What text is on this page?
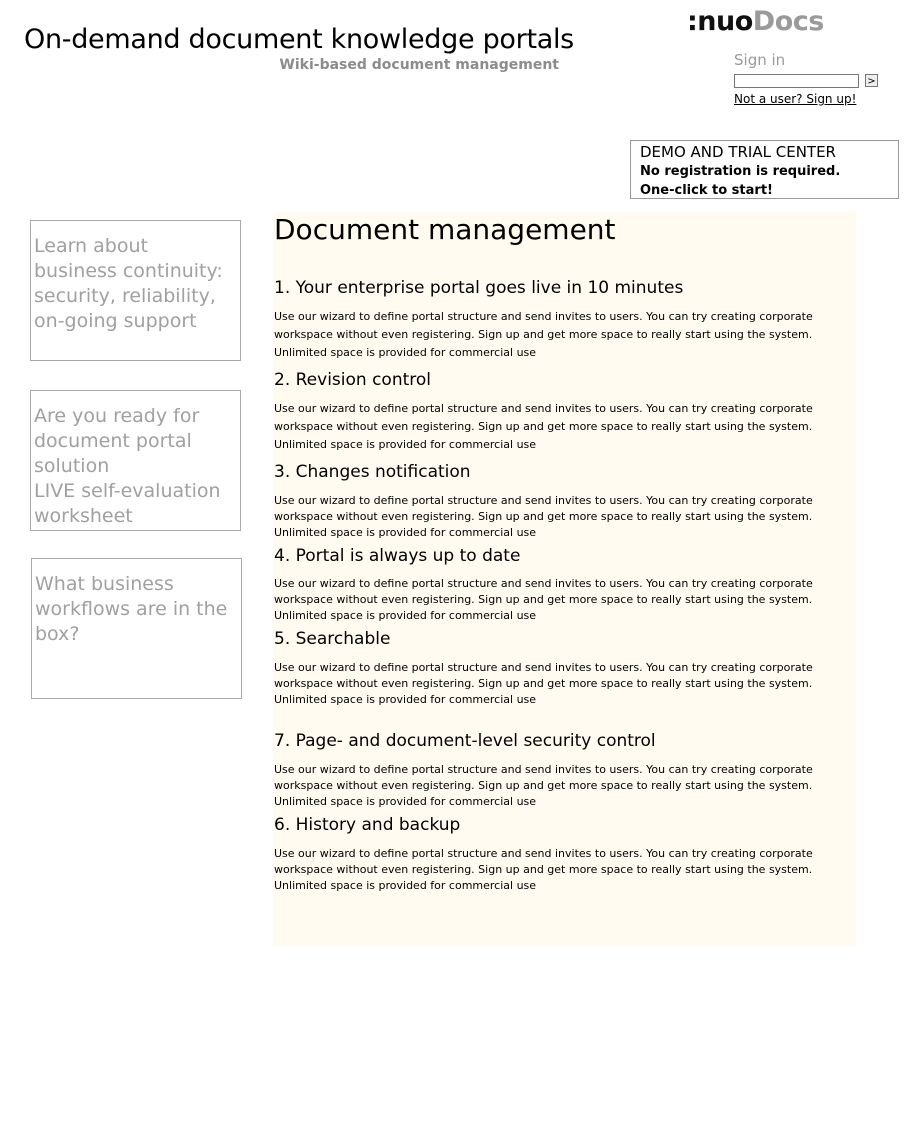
On-demand document knowledge portals
Wiki-based document management
:nuoDocs
Sign in
>
Not a user? Sign up!
DEMO AND TRIAL CENTER
No registration is required.
One-click to start!
Learn about
business continuity:
security, reliability,
on-going support
Are you ready for
document portal
solution
LIVE self-evaluation
worksheet
What business
workflows are in the
box?
Document management
1. Your enterprise portal goes live in 10 minutes

Use our wizard to define portal structure and send invites to users. You can try creating corporate workspace without even registering. Sign up and get more space to really start using the system. Unlimited space is provided for commercial use

2. Revision control

Use our wizard to define portal structure and send invites to users. You can try creating corporate workspace without even registering. Sign up and get more space to really start using the system. Unlimited space is provided for commercial use

3. Changes notification

Use our wizard to define portal structure and send invites to users. You can try creating corporate workspace without even registering. Sign up and get more space to really start using the system. Unlimited space is provided for commercial use

4. Portal is always up to date

Use our wizard to define portal structure and send invites to users. You can try creating corporate workspace without even registering. Sign up and get more space to really start using the system. Unlimited space is provided for commercial use

5. Searchable

Use our wizard to define portal structure and send invites to users. You can try creating corporate workspace without even registering. Sign up and get more space to really start using the system. Unlimited space is provided for commercial use

7. Page- and document-level security control

Use our wizard to define portal structure and send invites to users. You can try creating corporate workspace without even registering. Sign up and get more space to really start using the system. Unlimited space is provided for commercial use

6. History and backup

Use our wizard to define portal structure and send invites to users. You can try creating corporate workspace without even registering. Sign up and get more space to really start using the system. Unlimited space is provided for commercial use
